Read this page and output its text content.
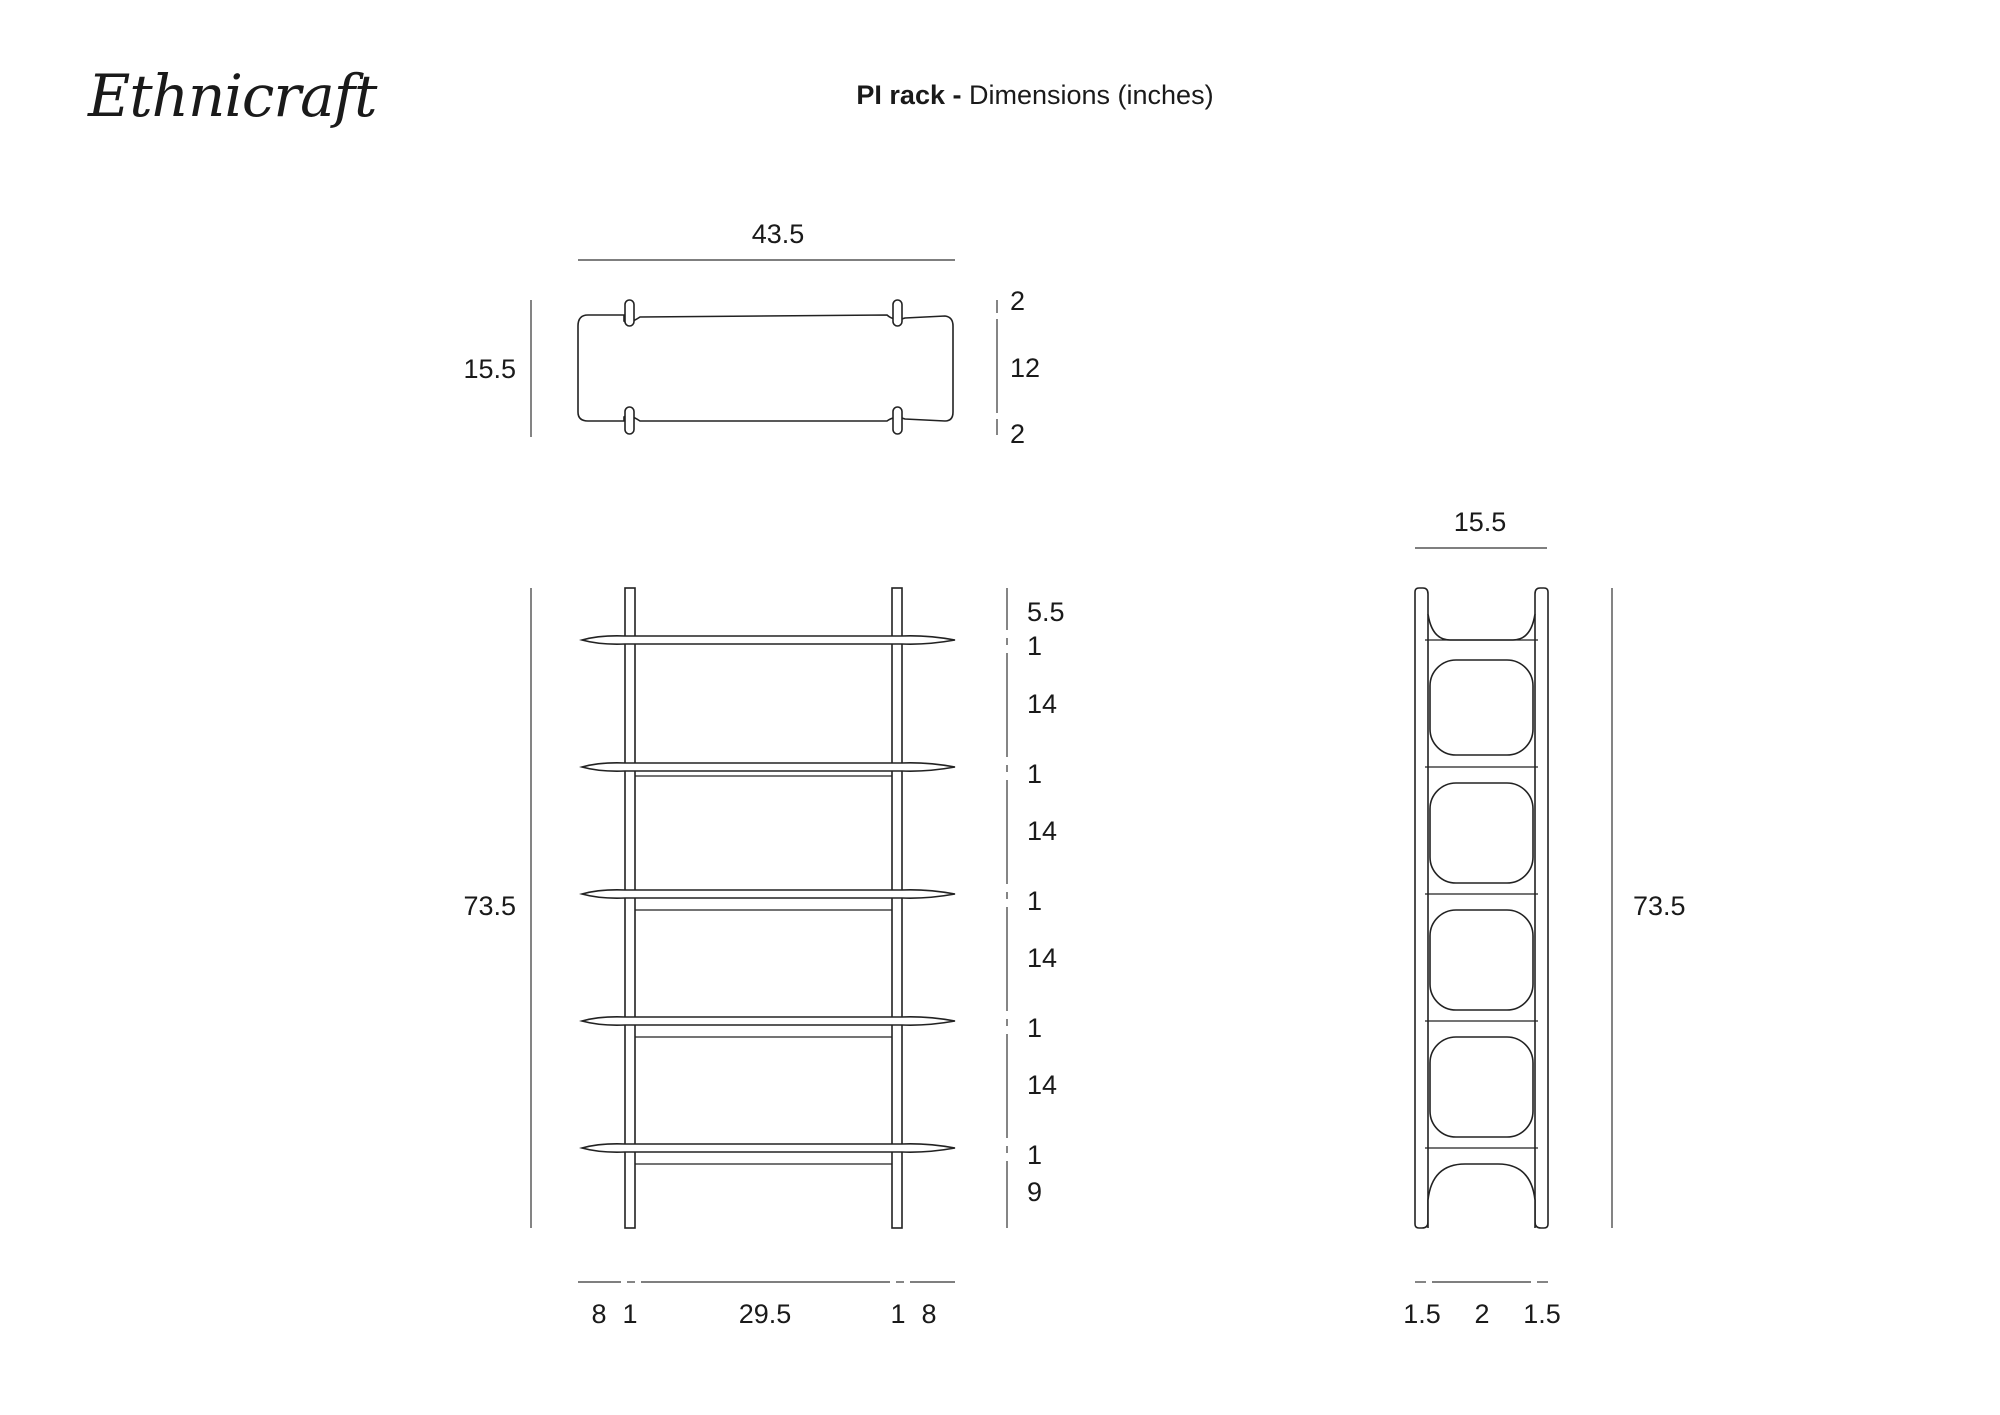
Ethnicraft	PI rack - Dimensions (inches)
43.5
15.5
2
12
2
73.5
5.5
1
14
1
14
1
14
1
14
1
9
8 1	29.5	1 8
15.5
73.5
1.5 2 1.5
